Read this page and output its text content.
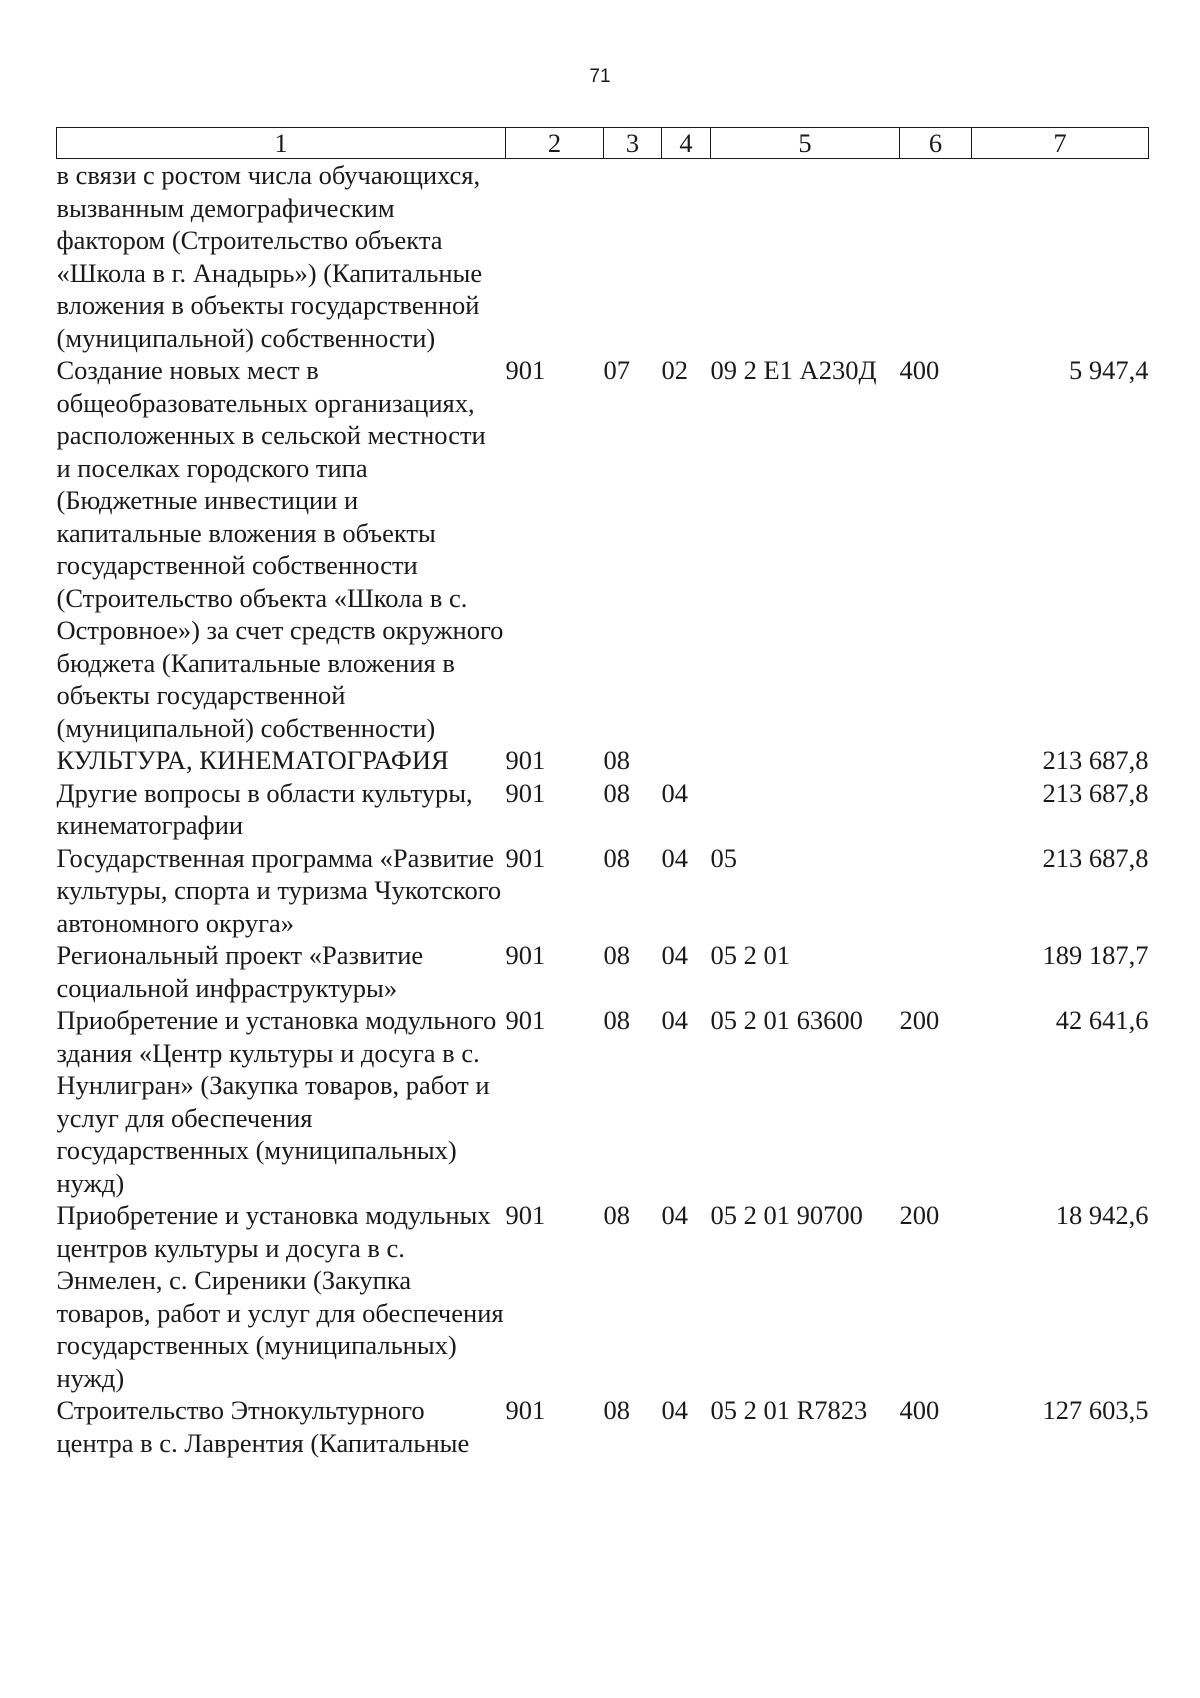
71
1	2	3	4	5	6	7
в связи с ростом числа обучающихся, вызванным демографическим фактором (Строительство объекта «Школа в г. Анадырь») (Капитальные вложения в объекты государственной (муниципальной) собственности)						
Создание новых мест в общеобразовательных организациях, расположенных в сельской местности и поселках городского типа (Бюджетные инвестиции и капитальные вложения в объекты государственной собственности (Строительство объекта «Школа в с. Островное») за счет средств окружного бюджета (Капитальные вложения в объекты государственной (муниципальной) собственности)	901	07	02	09 2 E1 А230Д	400	5 947,4
КУЛЬТУРА, КИНЕМАТОГРАФИЯ	901	08				213 687,8
Другие вопросы в области культуры, кинематографии	901	08	04			213 687,8
Государственная программа «Развитие культуры, спорта и туризма Чукотского автономного округа»	901	08	04	05		213 687,8
Региональный проект «Развитие социальной инфраструктуры»	901	08	04	05 2 01		189 187,7
Приобретение и установка модульного здания «Центр культуры и досуга в с. Нунлигран» (Закупка товаров, работ и услуг для обеспечения государственных (муниципальных) нужд)	901	08	04	05 2 01 63600	200	42 641,6
Приобретение и установка модульных центров культуры и досуга в с. Энмелен, с. Сиреники (Закупка товаров, работ и услуг для обеспечения государственных (муниципальных) нужд)	901	08	04	05 2 01 90700	200	18 942,6
Строительство Этнокультурного центра в с. Лаврентия (Капитальные	901	08	04	05 2 01 R7823	400	127 603,5
